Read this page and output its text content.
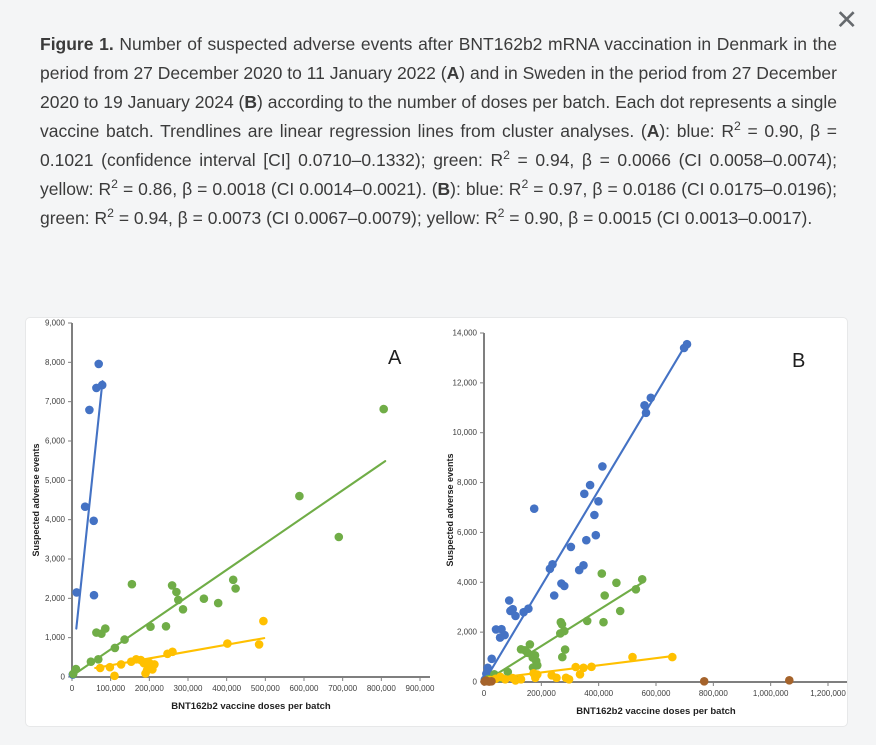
✕
Figure 1. Number of suspected adverse events after BNT162b2 mRNA vaccination in Denmark in the period from 27 December 2020 to 11 January 2022 (A) and in Sweden in the period from 27 December 2020 to 19 January 2024 (B) according to the number of doses per batch. Each dot represents a single vaccine batch. Trendlines are linear regression lines from cluster analyses. (A): blue: $R^2 = 0.90$, β = 0.1021 (confidence interval [CI] 0.0710–0.1332); green: $R^2 = 0.94$, β = 0.0066 (CI 0.0058–0.0074); yellow: $R^2 = 0.86$, β = 0.0018 (CI 0.0014–0.0021). (B): blue: $R^2 = 0.97$, β = 0.0186 (CI 0.0175–0.0196); green: $R^2 = 0.94$, β = 0.0073 (CI 0.0067–0.0079); yellow: $R^2 = 0.90$, β = 0.0015 (CI 0.0013–0.0017).
0
1,000
2,000
3,000
4,000
5,000
6,000
7,000
8,000
9,000
0	100,000 200,000 300,000 400,000 500,000 600,000 700,000 800,000 900,000
A
Suspected adverse events
BNT162b2 vaccine doses per batch
0
2,000
4,000
6,000
8,000
10,000
12,000
14,000
0	200,000	400,000	600,000	800,000	1,000,000	1,200,000
B
Suspected adverse events
BNT162b2 vaccine doses per batch
